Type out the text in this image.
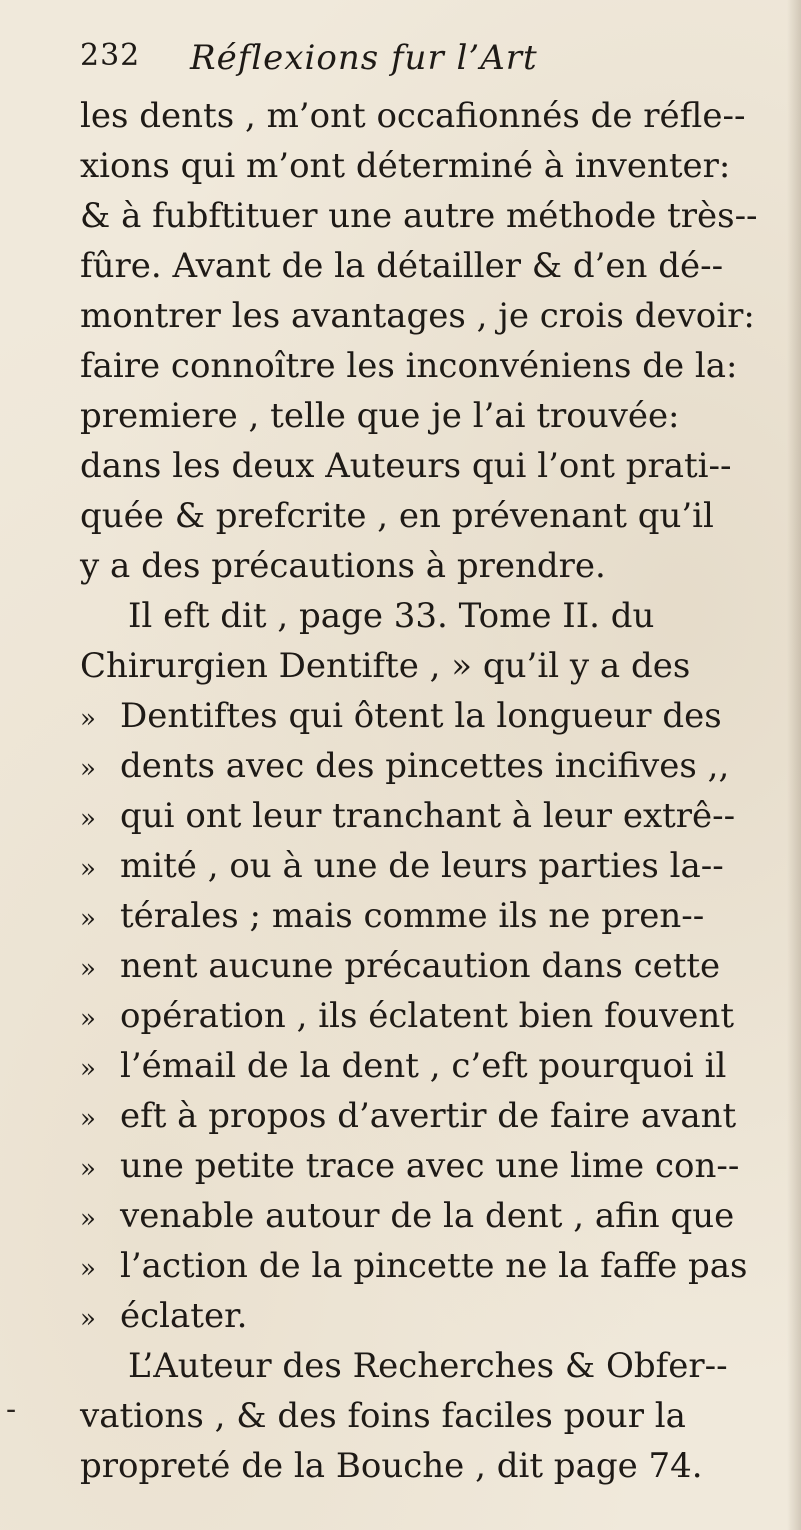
232 Réflexions fur l’Art
les dents , m’ont occafionnés de réfle--
xions qui m’ont déterminé à inventer:
& à fubftituer une autre méthode très--
fûre. Avant de la détailler & d’en dé--
montrer les avantages , je crois devoir:
faire connoître les inconvéniens de la:
premiere , telle que je l’ai trouvée:
dans les deux Auteurs qui l’ont prati--
quée & prefcrite , en prévenant qu’il
y a des précautions à prendre.
Il eft dit , page 33. Tome II. du
Chirurgien Dentifte , » qu’il y a des
» Dentiftes qui ôtent la longueur des
» dents avec des pincettes incifives ,,
» qui ont leur tranchant à leur extrê--
» mité , ou à une de leurs parties la--
» térales ; mais comme ils ne pren--
» nent aucune précaution dans cette
» opération , ils éclatent bien fouvent
» l’émail de la dent , c’eft pourquoi il
» eft à propos d’avertir de faire avant
» une petite trace avec une lime con--
» venable autour de la dent , afin que
» l’action de la pincette ne la faffe pas
» éclater.
L’Auteur des Recherches & Obfer--
vations , & des foins faciles pour la
propreté de la Bouche , dit page 74.
-
